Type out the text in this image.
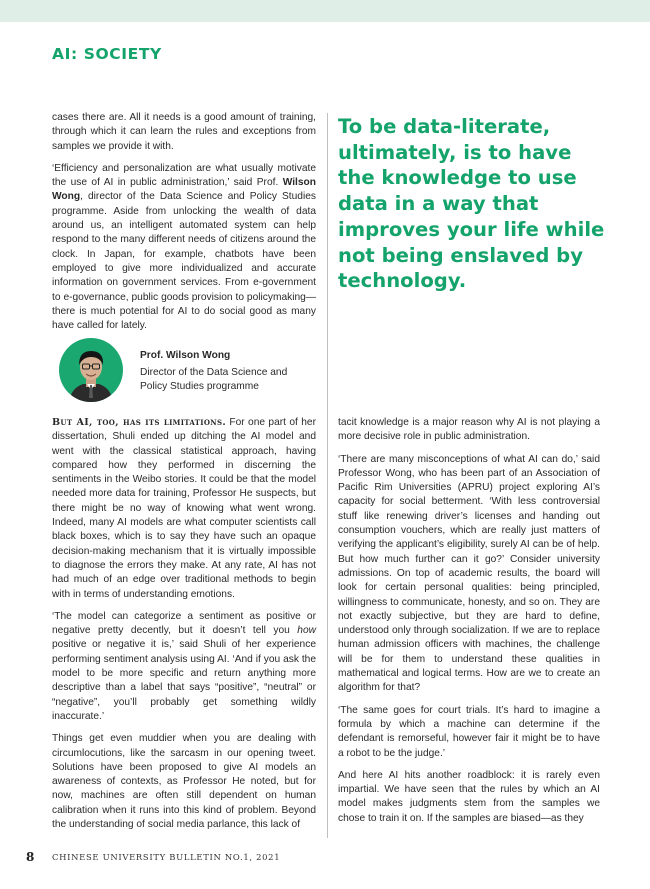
AI: SOCIETY

cases there are. All it needs is a good amount of training, through which it can learn the rules and exceptions from samples we provide it with.

‘Efficiency and personalization are what usually motivate the use of AI in public administration,’ said Prof. Wilson Wong, director of the Data Science and Policy Studies programme. Aside from unlocking the wealth of data around us, an intelligent automated system can help respond to the many different needs of citizens around the clock. In Japan, for example, chatbots have been employed to give more individualized and accurate information on government services. From e-government to e-governance, public goods provision to policymaking—there is much potential for AI to do social good as many have called for lately.

To be data-literate, ultimately, is to have the knowledge to use data in a way that improves your life while not being enslaved by technology.
Prof. Wilson Wong
Director of the Data Science and Policy Studies programme

But AI, too, has its limitations. For one part of her dissertation, Shuli ended up ditching the AI model and went with the classical statistical approach, having compared how they performed in discerning the sentiments in the Weibo stories. It could be that the model needed more data for training, Professor He suspects, but there might be no way of knowing what went wrong. Indeed, many AI models are what computer scientists call black boxes, which is to say they have such an opaque decision-making mechanism that it is virtually impossible to diagnose the errors they make. At any rate, AI has not had much of an edge over traditional methods to begin with in terms of understanding emotions.

‘The model can categorize a sentiment as positive or negative pretty decently, but it doesn’t tell you how positive or negative it is,’ said Shuli of her experience performing sentiment analysis using AI. ‘And if you ask the model to be more specific and return anything more descriptive than a label that says “positive”, “neutral” or “negative”, you’ll probably get something wildly inaccurate.’

Things get even muddier when you are dealing with circumlocutions, like the sarcasm in our opening tweet. Solutions have been proposed to give AI models an awareness of contexts, as Professor He noted, but for now, machines are often still dependent on human calibration when it runs into this kind of problem. Beyond the understanding of social media parlance, this lack of

tacit knowledge is a major reason why AI is not playing a more decisive role in public administration.

‘There are many misconceptions of what AI can do,’ said Professor Wong, who has been part of an Association of Pacific Rim Universities (APRU) project exploring AI’s capacity for social betterment. ‘With less controversial stuff like renewing driver’s licenses and handing out consumption vouchers, which are really just matters of verifying the applicant’s eligibility, surely AI can be of help. But how much further can it go?’ Consider university admissions. On top of academic results, the board will look for certain personal qualities: being principled, willingness to communicate, honesty, and so on. They are not exactly subjective, but they are hard to define, understood only through socialization. If we are to replace human admission officers with machines, the challenge will be for them to understand these qualities in mathematical and logical terms. How are we to create an algorithm for that?

‘The same goes for court trials. It’s hard to imagine a formula by which a machine can determine if the defendant is remorseful, however fair it might be to have a robot to be the judge.’

And here AI hits another roadblock: it is rarely even impartial. We have seen that the rules by which an AI model makes judgments stem from the samples we chose to train it on. If the samples are biased—as they

8 CHINESE UNIVERSITY BULLETIN NO.1, 2021
